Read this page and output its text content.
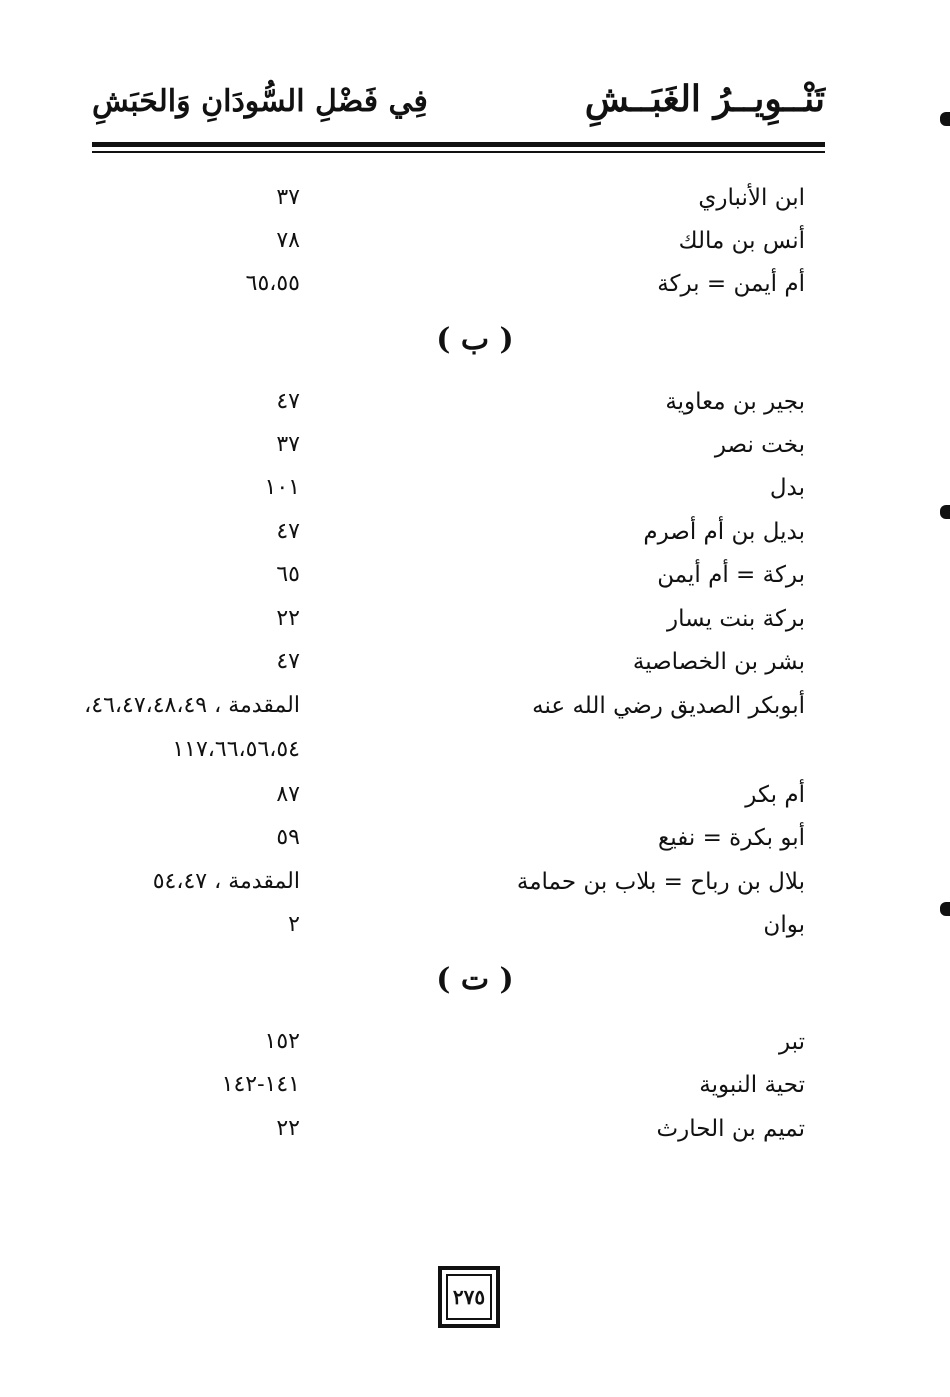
تَنْــوِيــرُ الغَبَــشِ
فِي فَضْلِ السُّودَانِ وَالحَبَشِ
ابن الأنباري
٣٧
أنس بن مالك
٧٨
أم أيمن = بركة
٦٥،٥٥
( ب )
بجير بن معاوية
٤٧
بخت نصر
٣٧
بدل
١٠١
بديل بن أم أصرم
٤٧
بركة = أم أيمن
٦٥
بركة بنت يسار
٢٢
بشر بن الخصاصية
٤٧
أبوبكر الصديق رضي الله عنه
المقدمة ، ٤٦،٤٧،٤٨،٤٩،
١١٧،٦٦،٥٦،٥٤
أم بكر
٨٧
أبو بكرة = نفيع
٥٩
بلال بن رباح = بلاب بن حمامة
المقدمة ، ٥٤،٤٧
بوان
٢
( ت )
تبر
١٥٢
تحية النبوية
١٤١-١٤٢
تميم بن الحارث
٢٢
٢٧٥
